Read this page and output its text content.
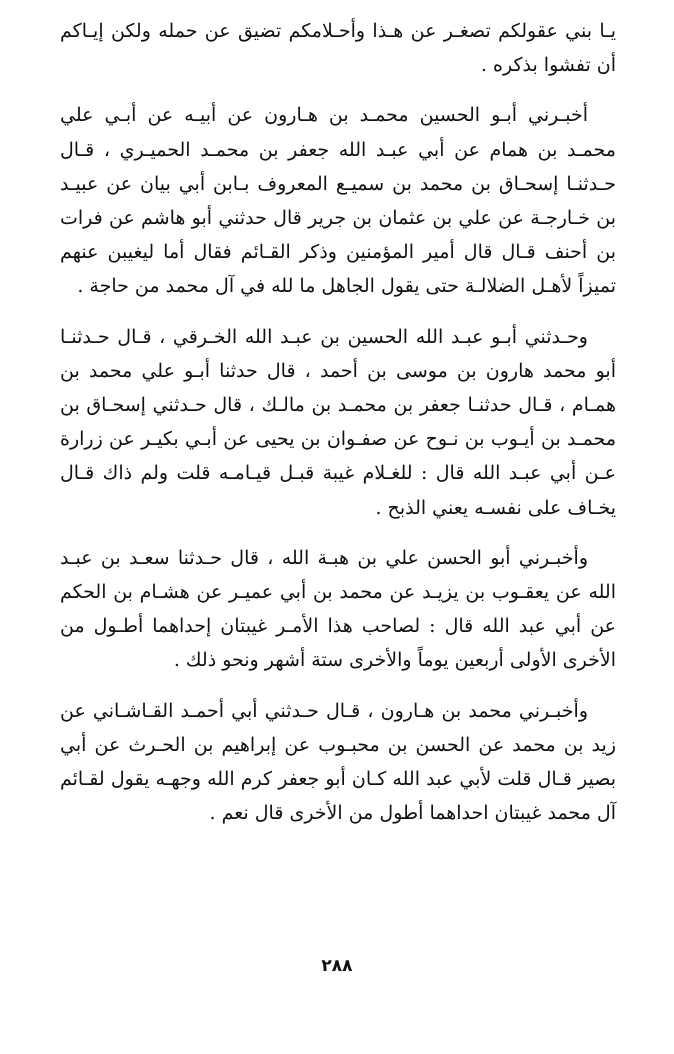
يـا بني عقولكم تصغـر عن هـذا وأحـلامكم تضيق عن حمله ولكن إيـاكم أن تفشوا بذكره .

أخبـرني أبـو الحسين محمـد بن هـارون عن أبيـه عن أبـي علي محمـد بن همام عن أبي عبـد الله جعفر بن محمـد الحميـري ، قـال حـدثنـا إسحـاق بن محمد بن سميـع المعروف بـابن أبي بيان عن عبيـد بن خـارجـة عن علي بن عثمان بن جرير قال حدثني أبو هاشم عن فرات بن أحنف قـال قال أمير المؤمنين وذكر القـائم فقال أما ليغيبن عنهم تميزاً لأهـل الضلالـة حتى يقول الجاهل ما لله في آل محمد من حاجة .

وحـدثني أبـو عبـد الله الحسين بن عبـد الله الخـرقي ، قـال حـدثنـا أبو محمد هارون بن موسى بن أحمد ، قال حدثنا أبـو علي محمد بن همـام ، قـال حدثنـا جعفر بن محمـد بن مالـك ، قال حـدثني إسحـاق بن محمـد بن أيـوب بن نـوح عن صفـوان بن يحيى عن أبـي بكيـر عن زرارة عـن أبي عبـد الله قال : للغـلام غيبة قبـل قيـامـه قلت ولم ذاك قـال يخـاف على نفسـه يعني الذبح .

وأخبـرني أبو الحسن علي بن هبـة الله ، قال حـدثنا سعـد بن عبـد الله عن يعقـوب بن يزيـد عن محمد بن أبي عميـر عن هشـام بن الحكم عن أبي عبد الله قال : لصاحب هذا الأمـر غيبتان إحداهما أطـول من الأخرى الأولى أربعين يوماً والأخرى ستة أشهر ونحو ذلك .

وأخبـرني محمد بن هـارون ، قـال حـدثني أبي أحمـد القـاشـاني عن زيد بن محمد عن الحسن بن محبـوب عن إبراهيم بن الحـرث عن أبي بصير قـال قلت لأبي عبد الله كـان أبو جعفر كرم الله وجهـه يقول لقـائم آل محمد غيبتان احداهما أطول من الأخرى قال نعم .

٢٨٨
